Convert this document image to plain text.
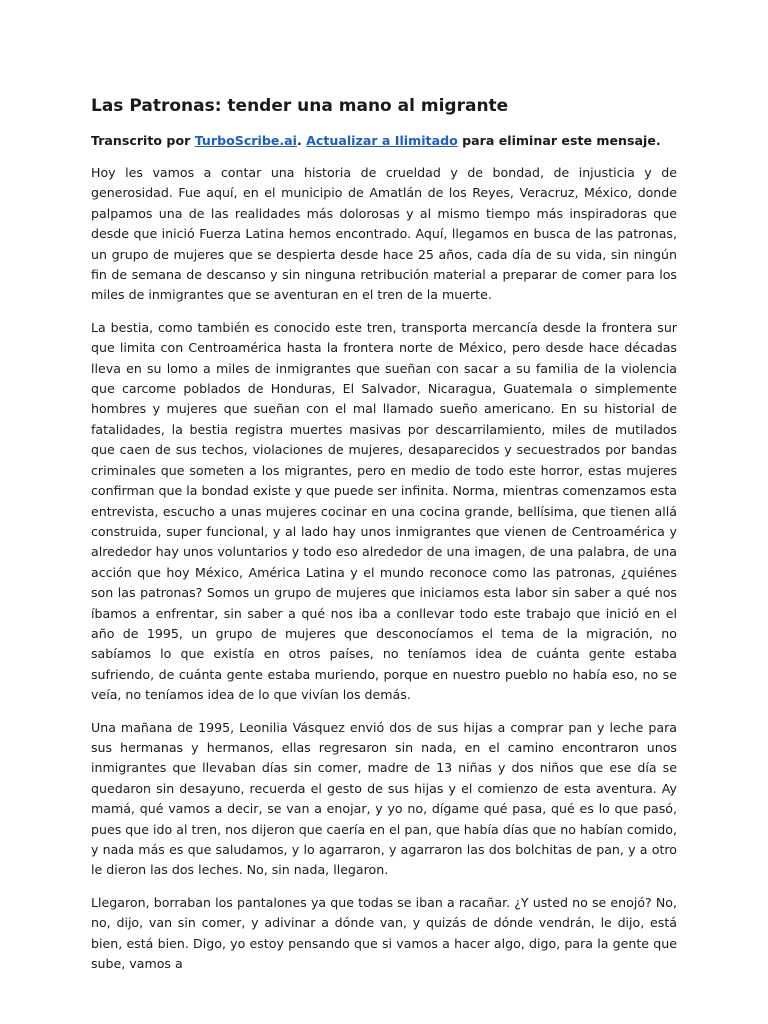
Las Patronas: tender una mano al migrante

Transcrito por TurboScribe.ai. Actualizar a Ilimitado para eliminar este mensaje.

Hoy les vamos a contar una historia de crueldad y de bondad, de injusticia y de generosidad. Fue aquí, en el municipio de Amatlán de los Reyes, Veracruz, México, donde palpamos una de las realidades más dolorosas y al mismo tiempo más inspiradoras que desde que inició Fuerza Latina hemos encontrado. Aquí, llegamos en busca de las patronas, un grupo de mujeres que se despierta desde hace 25 años, cada día de su vida, sin ningún fin de semana de descanso y sin ninguna retribución material a preparar de comer para los miles de inmigrantes que se aventuran en el tren de la muerte.

La bestia, como también es conocido este tren, transporta mercancía desde la frontera sur que limita con Centroamérica hasta la frontera norte de México, pero desde hace décadas lleva en su lomo a miles de inmigrantes que sueñan con sacar a su familia de la violencia que carcome poblados de Honduras, El Salvador, Nicaragua, Guatemala o simplemente hombres y mujeres que sueñan con el mal llamado sueño americano. En su historial de fatalidades, la bestia registra muertes masivas por descarrilamiento, miles de mutilados que caen de sus techos, violaciones de mujeres, desaparecidos y secuestrados por bandas criminales que someten a los migrantes, pero en medio de todo este horror, estas mujeres confirman que la bondad existe y que puede ser infinita. Norma, mientras comenzamos esta entrevista, escucho a unas mujeres cocinar en una cocina grande, bellísima, que tienen allá construida, super funcional, y al lado hay unos inmigrantes que vienen de Centroamérica y alrededor hay unos voluntarios y todo eso alrededor de una imagen, de una palabra, de una acción que hoy México, América Latina y el mundo reconoce como las patronas, ¿quiénes son las patronas? Somos un grupo de mujeres que iniciamos esta labor sin saber a qué nos íbamos a enfrentar, sin saber a qué nos iba a conllevar todo este trabajo que inició en el año de 1995, un grupo de mujeres que desconocíamos el tema de la migración, no sabíamos lo que existía en otros países, no teníamos idea de cuánta gente estaba sufriendo, de cuánta gente estaba muriendo, porque en nuestro pueblo no había eso, no se veía, no teníamos idea de lo que vivían los demás.

Una mañana de 1995, Leonilia Vásquez envió dos de sus hijas a comprar pan y leche para sus hermanas y hermanos, ellas regresaron sin nada, en el camino encontraron unos inmigrantes que llevaban días sin comer, madre de 13 niñas y dos niños que ese día se quedaron sin desayuno, recuerda el gesto de sus hijas y el comienzo de esta aventura. Ay mamá, qué vamos a decir, se van a enojar, y yo no, dígame qué pasa, qué es lo que pasó, pues que ido al tren, nos dijeron que caería en el pan, que había días que no habían comido, y nada más es que saludamos, y lo agarraron, y agarraron las dos bolchitas de pan, y a otro le dieron las dos leches. No, sin nada, llegaron.

Llegaron, borraban los pantalones ya que todas se iban a racañar. ¿Y usted no se enojó? No, no, dijo, van sin comer, y adivinar a dónde van, y quizás de dónde vendrán, le dijo, está bien, está bien. Digo, yo estoy pensando que si vamos a hacer algo, digo, para la gente que sube, vamos a
